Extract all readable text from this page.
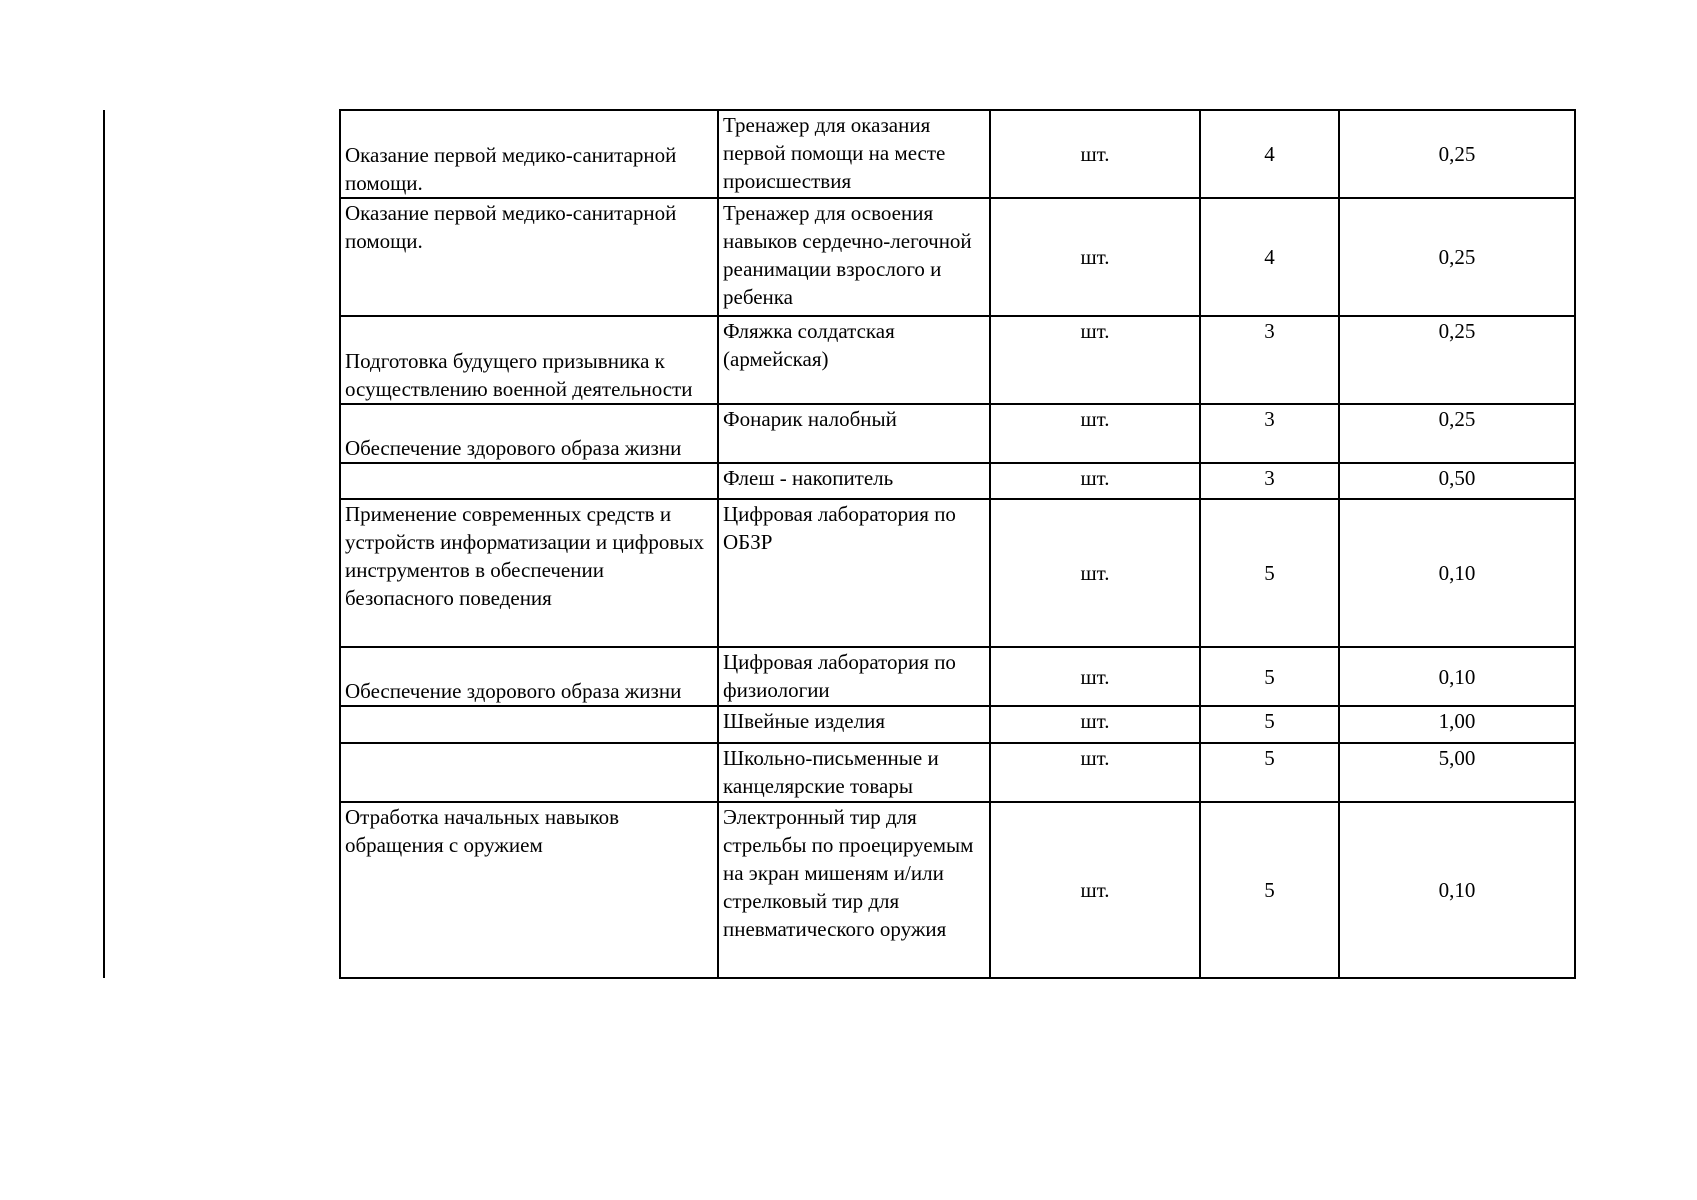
Оказание первой медико-санитарной помощи.	Тренажер для оказания первой помощи на месте происшествия	шт.	4	0,25
Оказание первой медико-санитарной помощи.	Тренажер для освоения навыков сердечно-легочной реанимации взрослого и ребенка	шт.	4	0,25
Подготовка будущего призывника к осуществлению военной деятельности	Фляжка солдатская (армейская)	шт.	3	0,25
Обеспечение здорового образа жизни	Фонарик налобный	шт.	3	0,25
	Флеш - накопитель	шт.	3	0,50
Применение современных средств и устройств информатизации и цифровых инструментов в обеспечении безопасного поведения	Цифровая лаборатория по ОБЗР	шт.	5	0,10
Обеспечение здорового образа жизни	Цифровая лаборатория по физиологии	шт.	5	0,10
	Швейные изделия	шт.	5	1,00
	Школьно-письменные и канцелярские товары	шт.	5	5,00
Отработка начальных навыков обращения с оружием	Электронный тир для стрельбы по проецируемым на экран мишеням и/или стрелковый тир для пневматического оружия	шт.	5	0,10
